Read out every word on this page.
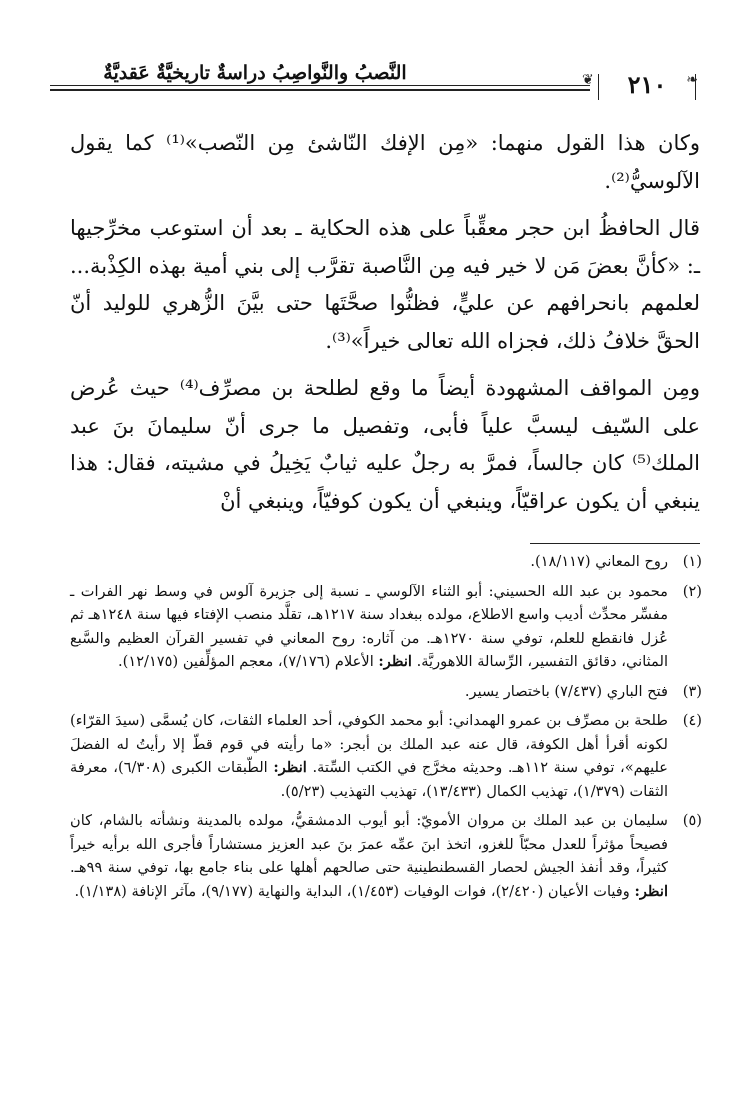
النَّصبُ والنَّواصِبُ دراسةٌ تاريخيَّةٌ عَقديَّةٌ	❦	٢١٠	❧

وكان هذا القول منهما: «مِن الإفك النّاشئ مِن النّصب»⁽¹⁾ كما يقول الآلوسيُّ⁽²⁾.

قال الحافظُ ابن حجر معقِّباً على هذه الحكاية ـ بعد أن استوعب مخرِّجيها ـ: «كأنَّ بعضَ مَن لا خير فيه مِن النَّاصبة تقرَّب إلى بني أمية بهذه الكِذْبة... لعلمهم بانحرافهم عن عليٍّ، فظنُّوا صحَّتَها حتى بيَّنَ الزُّهري للوليد أنّ الحقَّ خلافُ ذلك، فجزاه الله تعالى خيراً»⁽³⁾.

ومِن المواقف المشهودة أيضاً ما وقع لطلحة بن مصرِّف⁽⁴⁾ حيث عُرض على السّيف ليسبَّ علياً فأبى، وتفصيل ما جرى أنّ سليمانَ بنَ عبد الملك⁽⁵⁾ كان جالساً، فمرَّ به رجلٌ عليه ثيابٌ يَخِيلُ في مشيته، فقال: هذا ينبغي أن يكون عراقيّاً، وينبغي أن يكون كوفيّاً، وينبغي أنْ

(١)
روح المعاني (١٨/١١٧).
(٢)
محمود بن عبد الله الحسيني: أبو الثناء الآلوسي ـ نسبة إلى جزيرة آلوس في وسط نهر الفرات ـ مفسِّر محدِّث أديب واسع الاطلاع، مولده ببغداد سنة ١٢١٧هـ، تقلَّد منصب الإفتاء فيها سنة ١٢٤٨هـ ثم عُزل فانقطع للعلم، توفي سنة ١٢٧٠هـ. من آثاره: روح المعاني في تفسير القرآن العظيم والسَّبع المثاني، دقائق التفسير، الرِّسالة اللاهوريَّة. انظر: الأعلام (٧/١٧٦)، معجم المؤلِّفين (١٢/١٧٥).
(٣)
فتح الباري (٧/٤٣٧) باختصار يسير.
(٤)
طلحة بن مصرِّف بن عمرو الهمداني: أبو محمد الكوفي، أحد العلماء الثقات، كان يُسمَّى (سيدَ القرّاء) لكونه أقرأ أهل الكوفة، قال عنه عبد الملك بن أبجر: «ما رأيته في قوم قطّ إلا رأيتُ له الفضلَ عليهم»، توفي سنة ١١٢هـ. وحديثه مخرَّج في الكتب السِّتة. انظر: الطّبقات الكبرى (٦/٣٠٨)، معرفة الثقات (١/٣٧٩)، تهذيب الكمال (١٣/٤٣٣)، تهذيب التهذيب (٥/٢٣).
(٥)
سليمان بن عبد الملك بن مروان الأمويّ: أبو أيوب الدمشقيُّ، مولده بالمدينة ونشأته بالشام، كان فصيحاً مؤثراً للعدل محبّاً للغزو، اتخذ ابنَ عمِّه عمرَ بنَ عبد العزيز مستشاراً فأجرى الله برأيه خيراً كثيراً، وقد أنفذ الجيش لحصار القسطنطينية حتى صالحهم أهلها على بناء جامع بها، توفي سنة ٩٩هـ. انظر: وفيات الأعيان (٢/٤٢٠)، فوات الوفيات (١/٤٥٣)، البداية والنهاية (٩/١٧٧)، مآثر الإنافة (١/١٣٨).
